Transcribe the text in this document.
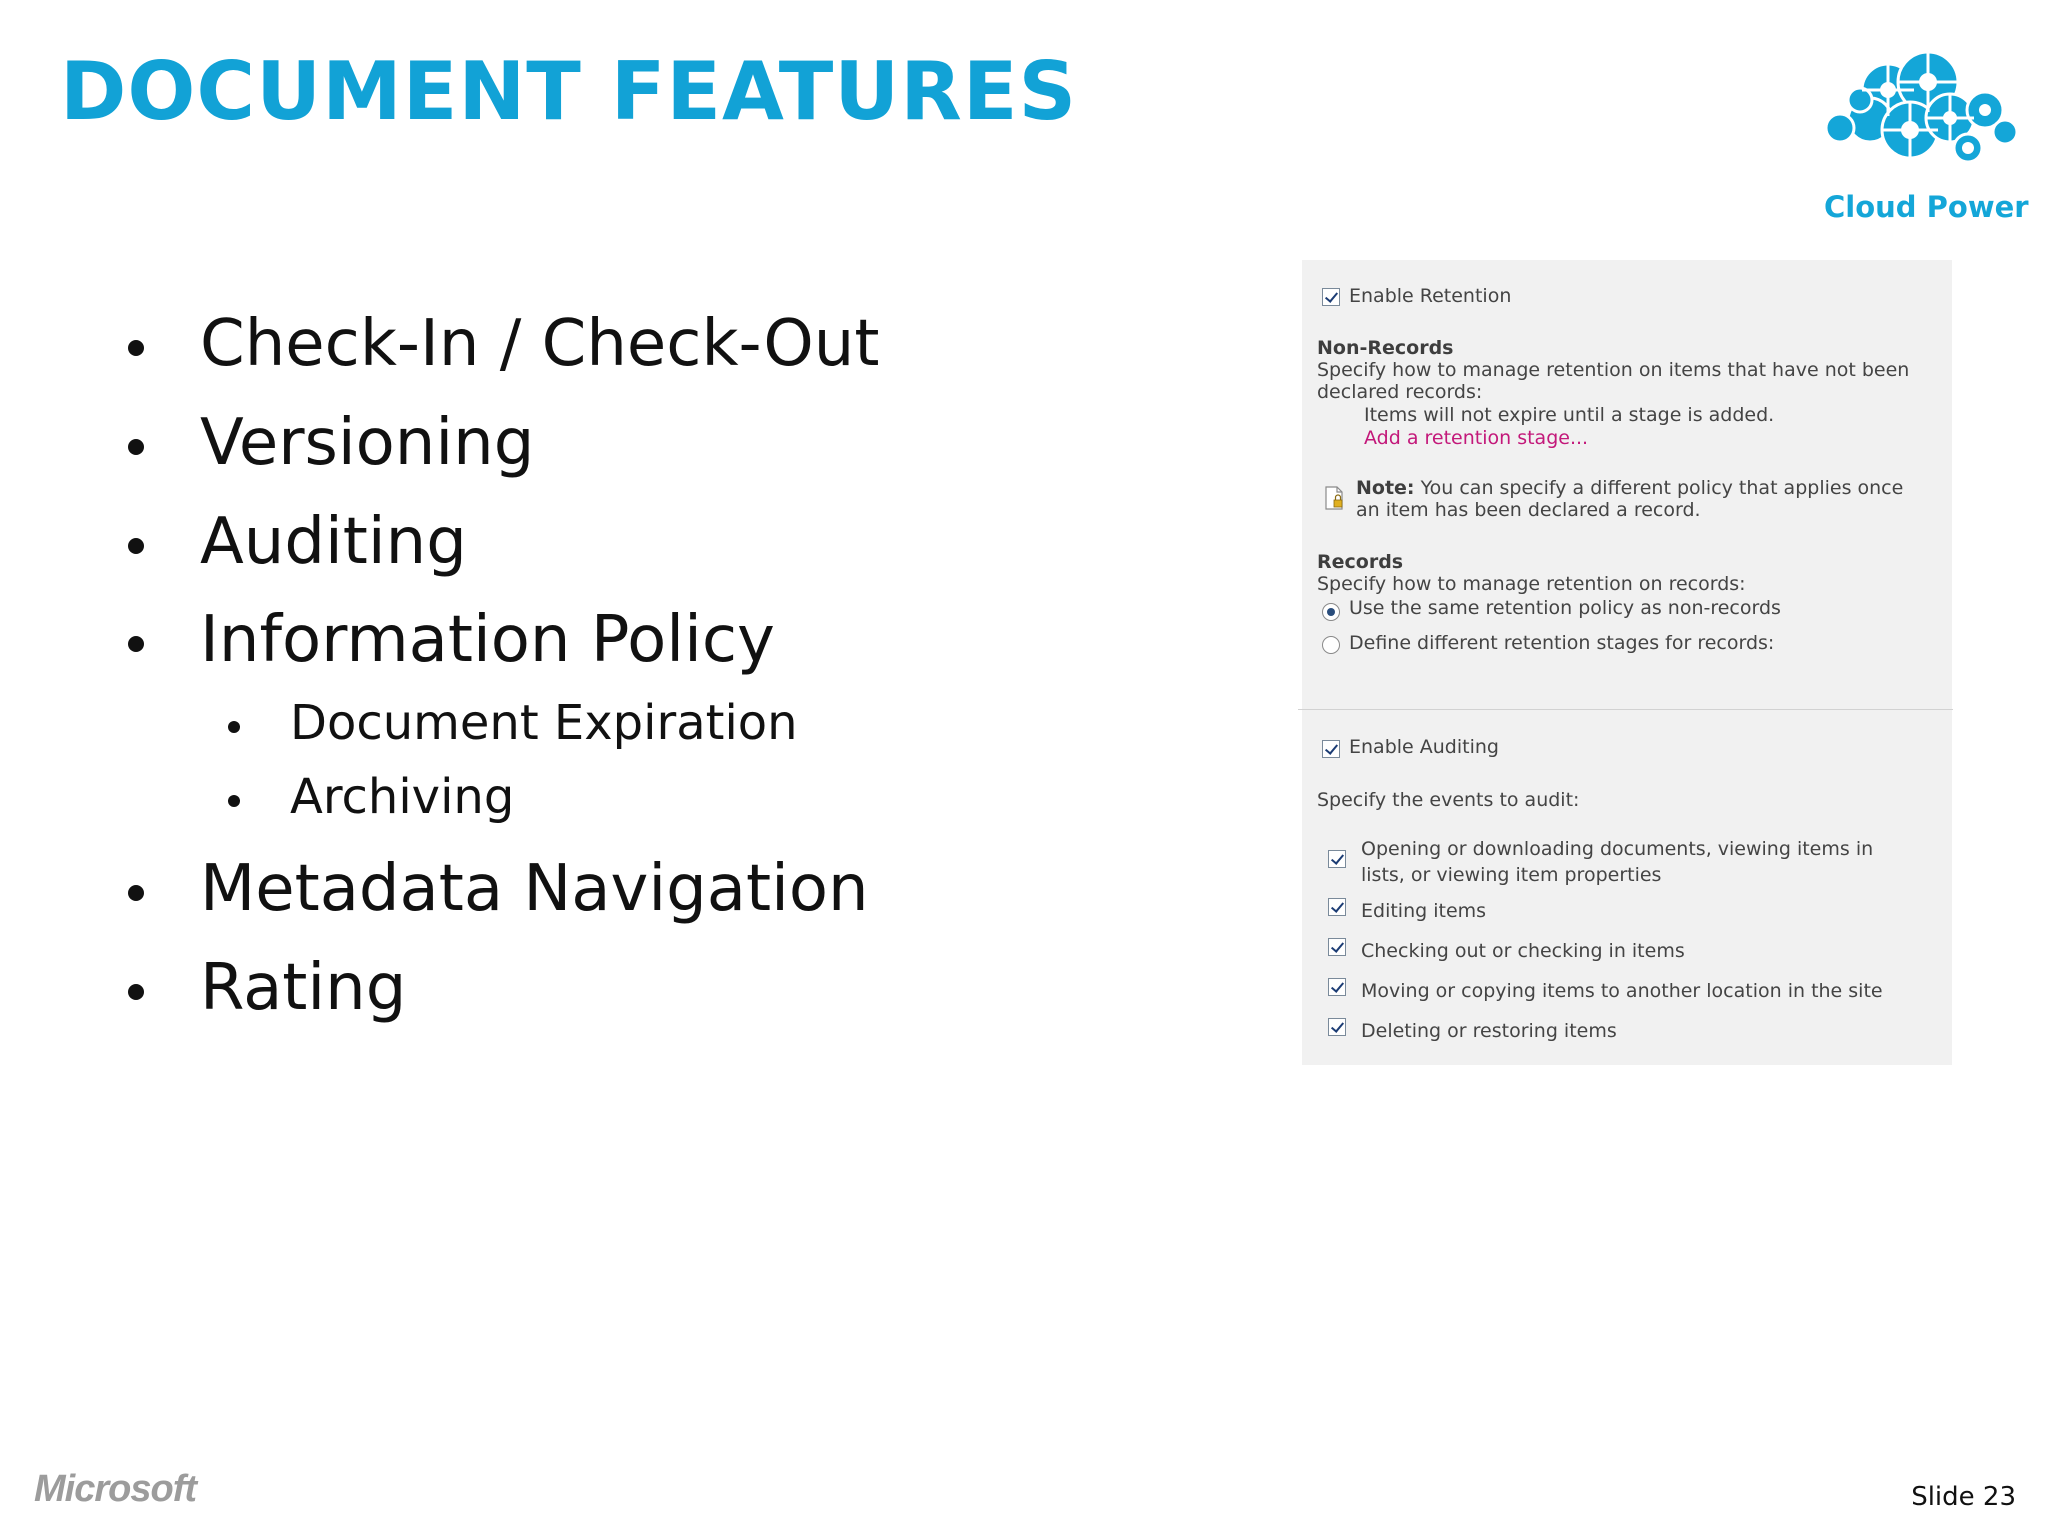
DOCUMENT FEATURES
Cloud Power
Check-In / Check-Out
Versioning
Auditing
Information Policy
Document Expiration
Archiving
Metadata Navigation
Rating
Enable Retention
Non-Records
Specify how to manage retention on items that have not been
declared records:
Items will not expire until a stage is added.
Add a retention stage...
Note: You can specify a different policy that applies once
an item has been declared a record.
Records
Specify how to manage retention on records:
Use the same retention policy as non-records
Define different retention stages for records:
Enable Auditing
Specify the events to audit:
Opening or downloading documents, viewing items in
lists, or viewing item properties
Editing items
Checking out or checking in items
Moving or copying items to another location in the site
Deleting or restoring items
Microsoft	Slide 23
